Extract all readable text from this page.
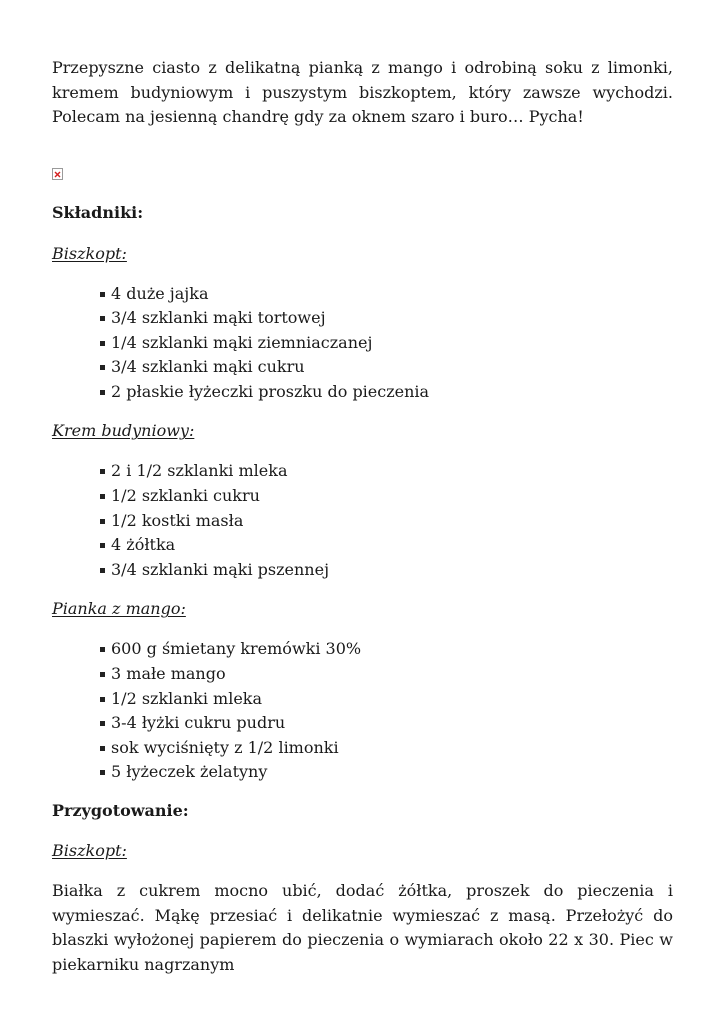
Przepyszne ciasto z delikatną pianką z mango i odrobiną soku z limonki, kremem budyniowym i puszystym biszkoptem, który zawsze wychodzi. Polecam na jesienną chandrę gdy za oknem szaro i buro… Pycha!

Składniki:

Biszkopt:

4 duże jajka
3/4 szklanki mąki tortowej
1/4 szklanki mąki ziemniaczanej
3/4 szklanki mąki cukru
2 płaskie łyżeczki proszku do pieczenia

Krem budyniowy:

2 i 1/2 szklanki mleka
1/2 szklanki cukru
1/2 kostki masła
4 żółtka
3/4 szklanki mąki pszennej

Pianka z mango:

600 g śmietany kremówki 30%
3 małe mango
1/2 szklanki mleka
3-4 łyżki cukru pudru
sok wyciśnięty z 1/2 limonki
5 łyżeczek żelatyny

Przygotowanie:

Biszkopt:

Białka z cukrem mocno ubić, dodać żółtka, proszek do pieczenia i wymieszać. Mąkę przesiać i delikatnie wymieszać z masą. Przełożyć do blaszki wyłożonej papierem do pieczenia o wymiarach około 22 x 30. Piec w piekarniku nagrzanym
